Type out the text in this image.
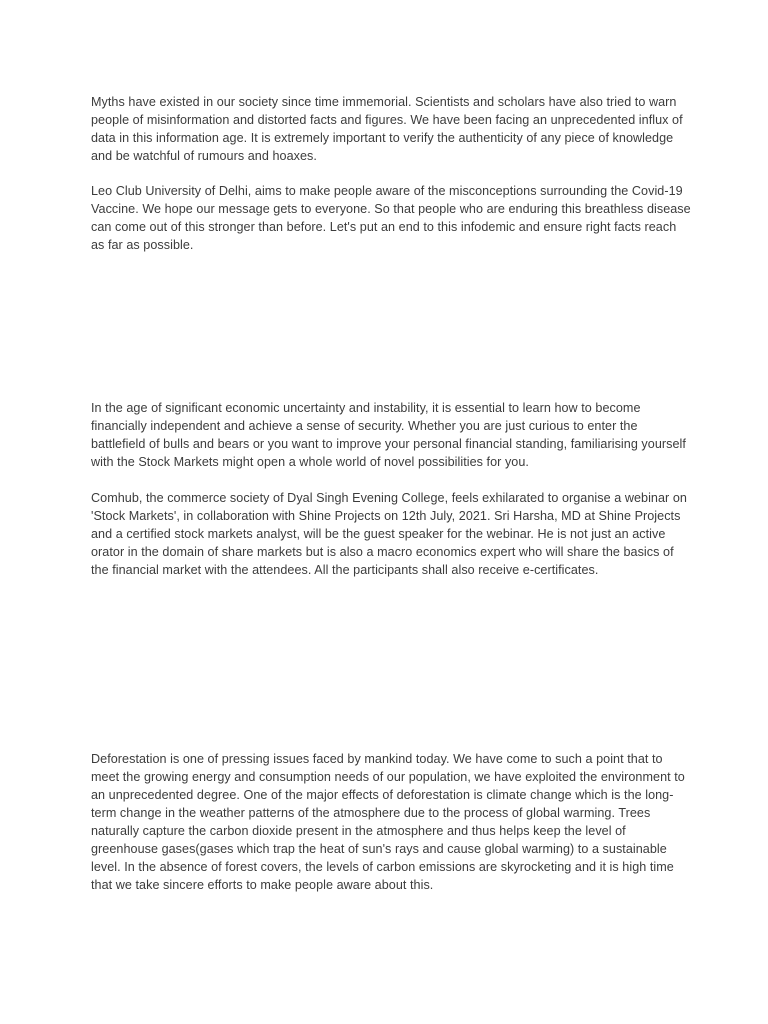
Myths have existed in our society since time immemorial. Scientists and scholars have also tried to warn people of misinformation and distorted facts and figures. We have been facing an unprecedented influx of data in this information age. It is extremely important to verify the authenticity of any piece of knowledge and be watchful of rumours and hoaxes.

Leo Club University of Delhi, aims to make people aware of the misconceptions surrounding the Covid-19 Vaccine. We hope our message gets to everyone. So that people who are enduring this breathless disease can come out of this stronger than before. Let's put an end to this infodemic and ensure right facts reach as far as possible.

In the age of significant economic uncertainty and instability, it is essential to learn how to become financially independent and achieve a sense of security. Whether you are just curious to enter the battlefield of bulls and bears or you want to improve your personal financial standing, familiarising yourself with the Stock Markets might open a whole world of novel possibilities for you.

Comhub, the commerce society of Dyal Singh Evening College, feels exhilarated to organise a webinar on 'Stock Markets', in collaboration with Shine Projects on 12th July, 2021. Sri Harsha, MD at Shine Projects and a certified stock markets analyst, will be the guest speaker for the webinar. He is not just an active orator in the domain of share markets but is also a macro economics expert who will share the basics of the financial market with the attendees. All the participants shall also receive e-certificates.

Deforestation is one of pressing issues faced by mankind today. We have come to such a point that to meet the growing energy and consumption needs of our population, we have exploited the environment to an unprecedented degree. One of the major effects of deforestation is climate change which is the long-term change in the weather patterns of the atmosphere due to the process of global warming. Trees naturally capture the carbon dioxide present in the atmosphere and thus helps keep the level of greenhouse gases(gases which trap the heat of sun's rays and cause global warming) to a sustainable level. In the absence of forest covers, the levels of carbon emissions are skyrocketing and it is high time that we take sincere efforts to make people aware about this.
